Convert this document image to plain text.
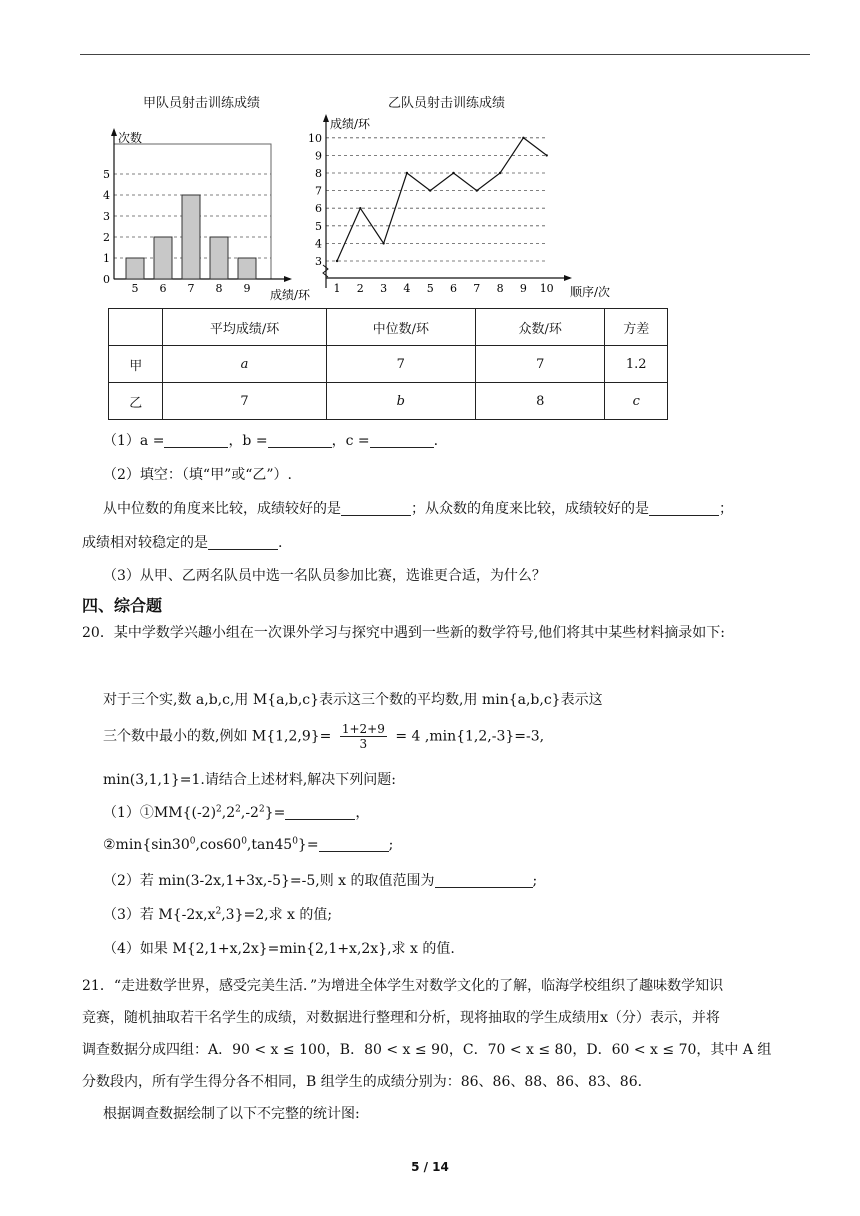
甲队员射击训练成绩
0
1
2
3
4
5
5 6 7 8 9
次数
成绩/环
乙队员射击训练成绩
3
4
5
6
7
8
9
10
1 2 3 4 5 6 7 8 9 10
成绩/环
顺序/次
	平均成绩/环	中位数/环	众数/环	方差
甲	a	7	7	1.2
乙	7	b	8	c
（1）a =	，b =	，c =	.
（2）填空：（填“甲”或“乙”）.
从中位数的角度来比较，成绩较好的是	；从众数的角度来比较，成绩较好的是	；
成绩相对较稳定的是	.
（3）从甲、乙两名队员中选一名队员参加比赛，选谁更合适，为什么？
四、综合题
20．某中学数学兴趣小组在一次课外学习与探究中遇到一些新的数学符号,他们将其中某些材料摘录如下:
对于三个实,数 a,b,c,用 M{a,b,c}表示这三个数的平均数,用 min{a,b,c}表示这
三个数中最小的数,例如 $M\{1,2,9\}= \frac{1+2+9}{3} = 4$ ,min{1,2,-3}=-3,
min(3,1,1}=1.请结合上述材料,解决下列问题:
$(1)①MM\{(-2)^2,2^2,-2^2\}=$	，
$②\min\{\sin 30^0,\cos 60^0,\tan 45^0\}=$	;
（2）若 min(3-2x,1+3x,-5}=-5,则 x 的取值范围为	;
（3）若 $M\{-2x,x^2,3\}=2$,求 x 的值;
（4）如果 M{2,1+x,2x}=min{2,1+x,2x},求 x 的值.
21．“走进数学世界，感受完美生活．”为增进全体学生对数学文化的了解，临海学校组织了趣味数学知识
竞赛，随机抽取若干名学生的成绩，对数据进行整理和分析，现将抽取的学生成绩用x（分）表示，并将
调查数据分成四组：A．90 < x ≤ 100，B．80 < x ≤ 90，C．70 < x ≤ 80，D．60 < x ≤ 70，其中 A 组
分数段内，所有学生得分各不相同，B 组学生的成绩分别为：86、86、88、86、83、86．
根据调查数据绘制了以下不完整的统计图:
5 / 14
